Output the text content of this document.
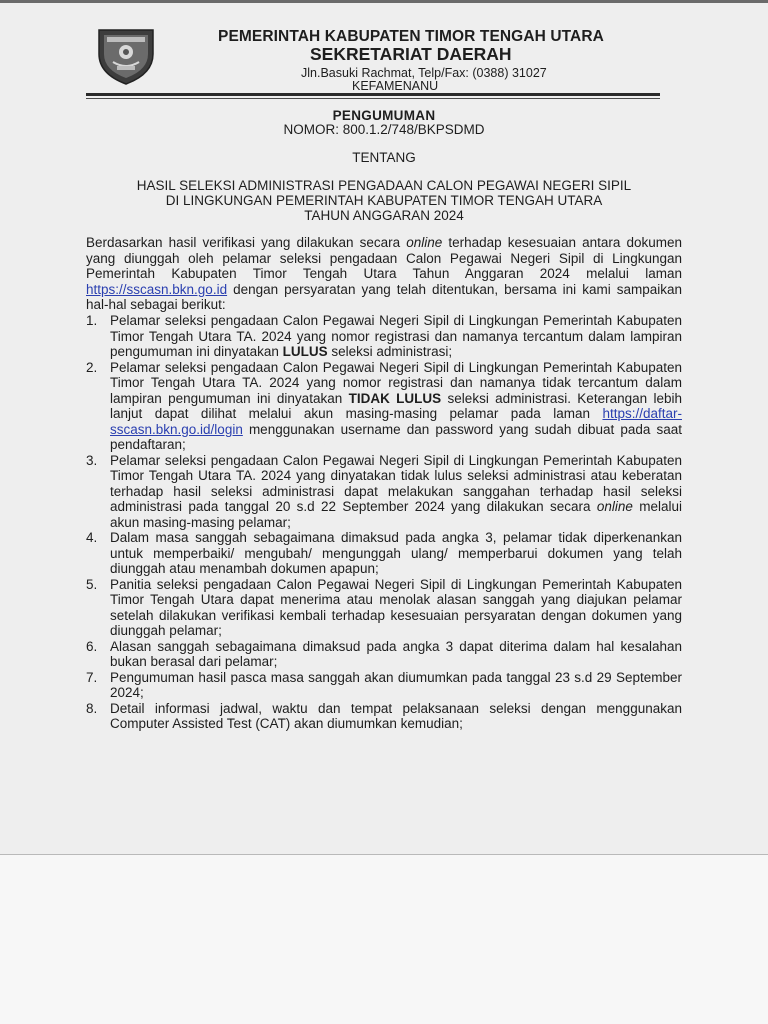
PEMERINTAH KABUPATEN TIMOR TENGAH UTARA
SEKRETARIAT DAERAH
Jln.Basuki Rachmat, Telp/Fax: (0388) 31027
KEFAMENANU
PENGUMUMAN
NOMOR: 800.1.2/748/BKPSDMD
TENTANG
HASIL SELEKSI ADMINISTRASI PENGADAAN CALON PEGAWAI NEGERI SIPIL
DI LINGKUNGAN PEMERINTAH KABUPATEN TIMOR TENGAH UTARA
TAHUN ANGGARAN 2024
Berdasarkan hasil verifikasi yang dilakukan secara online terhadap kesesuaian antara dokumen yang diunggah oleh pelamar seleksi pengadaan Calon Pegawai Negeri Sipil di Lingkungan Pemerintah Kabupaten Timor Tengah Utara Tahun Anggaran 2024 melalui laman https://sscasn.bkn.go.id dengan persyaratan yang telah ditentukan, bersama ini kami sampaikan hal-hal sebagai berikut:
1. Pelamar seleksi pengadaan Calon Pegawai Negeri Sipil di Lingkungan Pemerintah Kabupaten Timor Tengah Utara TA. 2024 yang nomor registrasi dan namanya tercantum dalam lampiran pengumuman ini dinyatakan LULUS seleksi administrasi;
2. Pelamar seleksi pengadaan Calon Pegawai Negeri Sipil di Lingkungan Pemerintah Kabupaten Timor Tengah Utara TA. 2024 yang nomor registrasi dan namanya tidak tercantum dalam lampiran pengumuman ini dinyatakan TIDAK LULUS seleksi administrasi. Keterangan lebih lanjut dapat dilihat melalui akun masing-masing pelamar pada laman https://daftar-sscasn.bkn.go.id/login menggunakan username dan password yang sudah dibuat pada saat pendaftaran;
3. Pelamar seleksi pengadaan Calon Pegawai Negeri Sipil di Lingkungan Pemerintah Kabupaten Timor Tengah Utara TA. 2024 yang dinyatakan tidak lulus seleksi administrasi atau keberatan terhadap hasil seleksi administrasi dapat melakukan sanggahan terhadap hasil seleksi administrasi pada tanggal 20 s.d 22 September 2024 yang dilakukan secara online melalui akun masing-masing pelamar;
4. Dalam masa sanggah sebagaimana dimaksud pada angka 3, pelamar tidak diperkenankan untuk memperbaiki/ mengubah/ mengunggah ulang/ memperbarui dokumen yang telah diunggah atau menambah dokumen apapun;
5. Panitia seleksi pengadaan Calon Pegawai Negeri Sipil di Lingkungan Pemerintah Kabupaten Timor Tengah Utara dapat menerima atau menolak alasan sanggah yang diajukan pelamar setelah dilakukan verifikasi kembali terhadap kesesuaian persyaratan dengan dokumen yang diunggah pelamar;
6. Alasan sanggah sebagaimana dimaksud pada angka 3 dapat diterima dalam hal kesalahan bukan berasal dari pelamar;
7. Pengumuman hasil pasca masa sanggah akan diumumkan pada tanggal 23 s.d 29 September 2024;
8. Detail informasi jadwal, waktu dan tempat pelaksanaan seleksi dengan menggunakan Computer Assisted Test (CAT) akan diumumkan kemudian;
